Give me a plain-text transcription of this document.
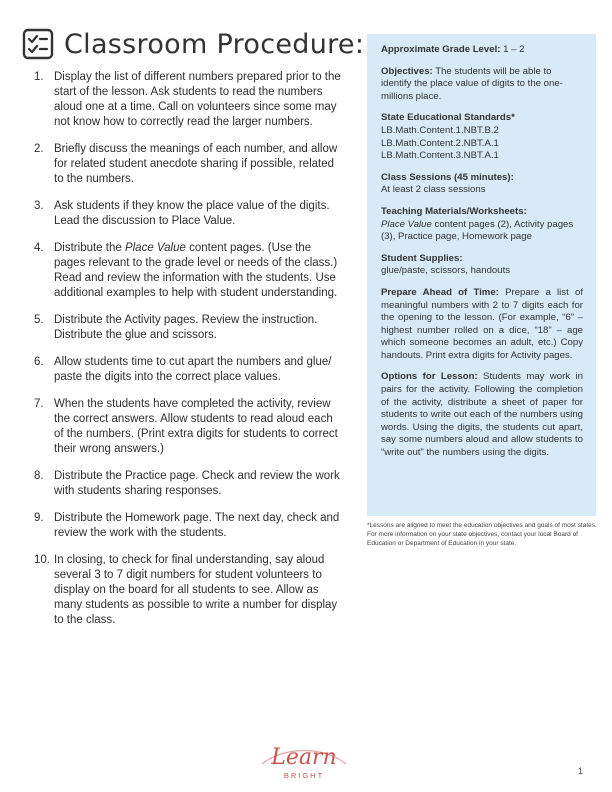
Classroom Procedure:
1. Display the list of different numbers prepared prior to the start of the lesson. Ask students to read the numbers aloud one at a time. Call on volunteers since some may not know how to correctly read the larger numbers.
2. Briefly discuss the meanings of each number, and allow for related student anecdote sharing if possible, related to the numbers.
3. Ask students if they know the place value of the digits. Lead the discussion to Place Value.
4. Distribute the Place Value content pages. (Use the pages relevant to the grade level or needs of the class.) Read and review the information with the students. Use additional examples to help with student understanding.
5. Distribute the Activity pages. Review the instruction. Distribute the glue and scissors.
6. Allow students time to cut apart the numbers and glue/ paste the digits into the correct place values.
7. When the students have completed the activity, review the correct answers. Allow students to read aloud each of the numbers. (Print extra digits for students to correct their wrong answers.)
8. Distribute the Practice page. Check and review the work with students sharing responses.
9. Distribute the Homework page. The next day, check and review the work with the students.
10. In closing, to check for final understanding, say aloud several 3 to 7 digit numbers for student volunteers to display on the board for all students to see. Allow as many students as possible to write a number for display to the class.
Approximate Grade Level: 1 – 2
Objectives: The students will be able to identify the place value of digits to the one-millions place.
State Educational Standards*
LB.Math.Content.1.NBT.B.2
LB.Math.Content.2.NBT.A.1
LB.Math.Content.3.NBT.A.1
Class Sessions (45 minutes):
At least 2 class sessions
Teaching Materials/Worksheets:
Place Value content pages (2), Activity pages (3), Practice page, Homework page
Student Supplies:
glue/paste, scissors, handouts
Prepare Ahead of Time: Prepare a list of meaningful numbers with 2 to 7 digits each for the opening to the lesson. (For example, “6” – highest number rolled on a dice, “18” – age which someone becomes an adult, etc.) Copy handouts. Print extra digits for Activity pages.
Options for Lesson: Students may work in pairs for the activity. Following the completion of the activity, distribute a sheet of paper for students to write out each of the numbers using words. Using the digits, the students cut apart, say some numbers aloud and allow students to “write out” the numbers using the digits.
*Lessons are aligned to meet the education objectives and goals of most states. For more information on your state objectives, contact your local Board of Education or Department of Education in your state.
Learn
BRIGHT	1
